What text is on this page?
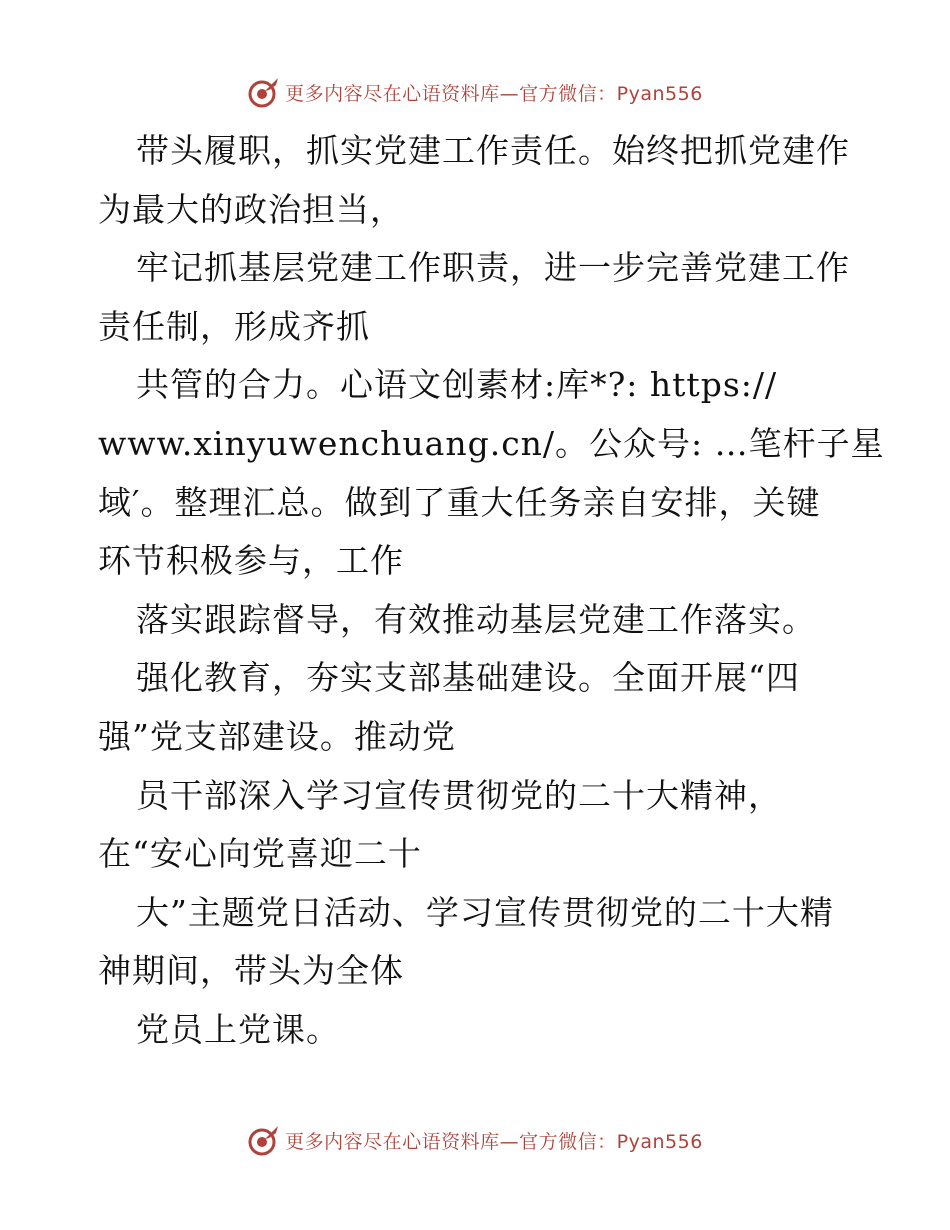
更多内容尽在心语资料库—官方微信：Pyan556
带头履职，抓实党建工作责任。始终把抓党建作
为最大的政治担当，
牢记抓基层党建工作职责，进一步完善党建工作
责任制，形成齐抓
共管的合力。心语文创素材:库*?: https://
www.xinyuwenchuang.cn/。公众号: …笔杆子星
域′。整理汇总。做到了重大任务亲自安排，关键
环节积极参与，工作
落实跟踪督导，有效推动基层党建工作落实。
强化教育，夯实支部基础建设。全面开展“四
强”党支部建设。推动党
员干部深入学习宣传贯彻党的二十大精神，
在“安心向党喜迎二十
大”主题党日活动、学习宣传贯彻党的二十大精
神期间，带头为全体
党员上党课。
更多内容尽在心语资料库—官方微信：Pyan556
